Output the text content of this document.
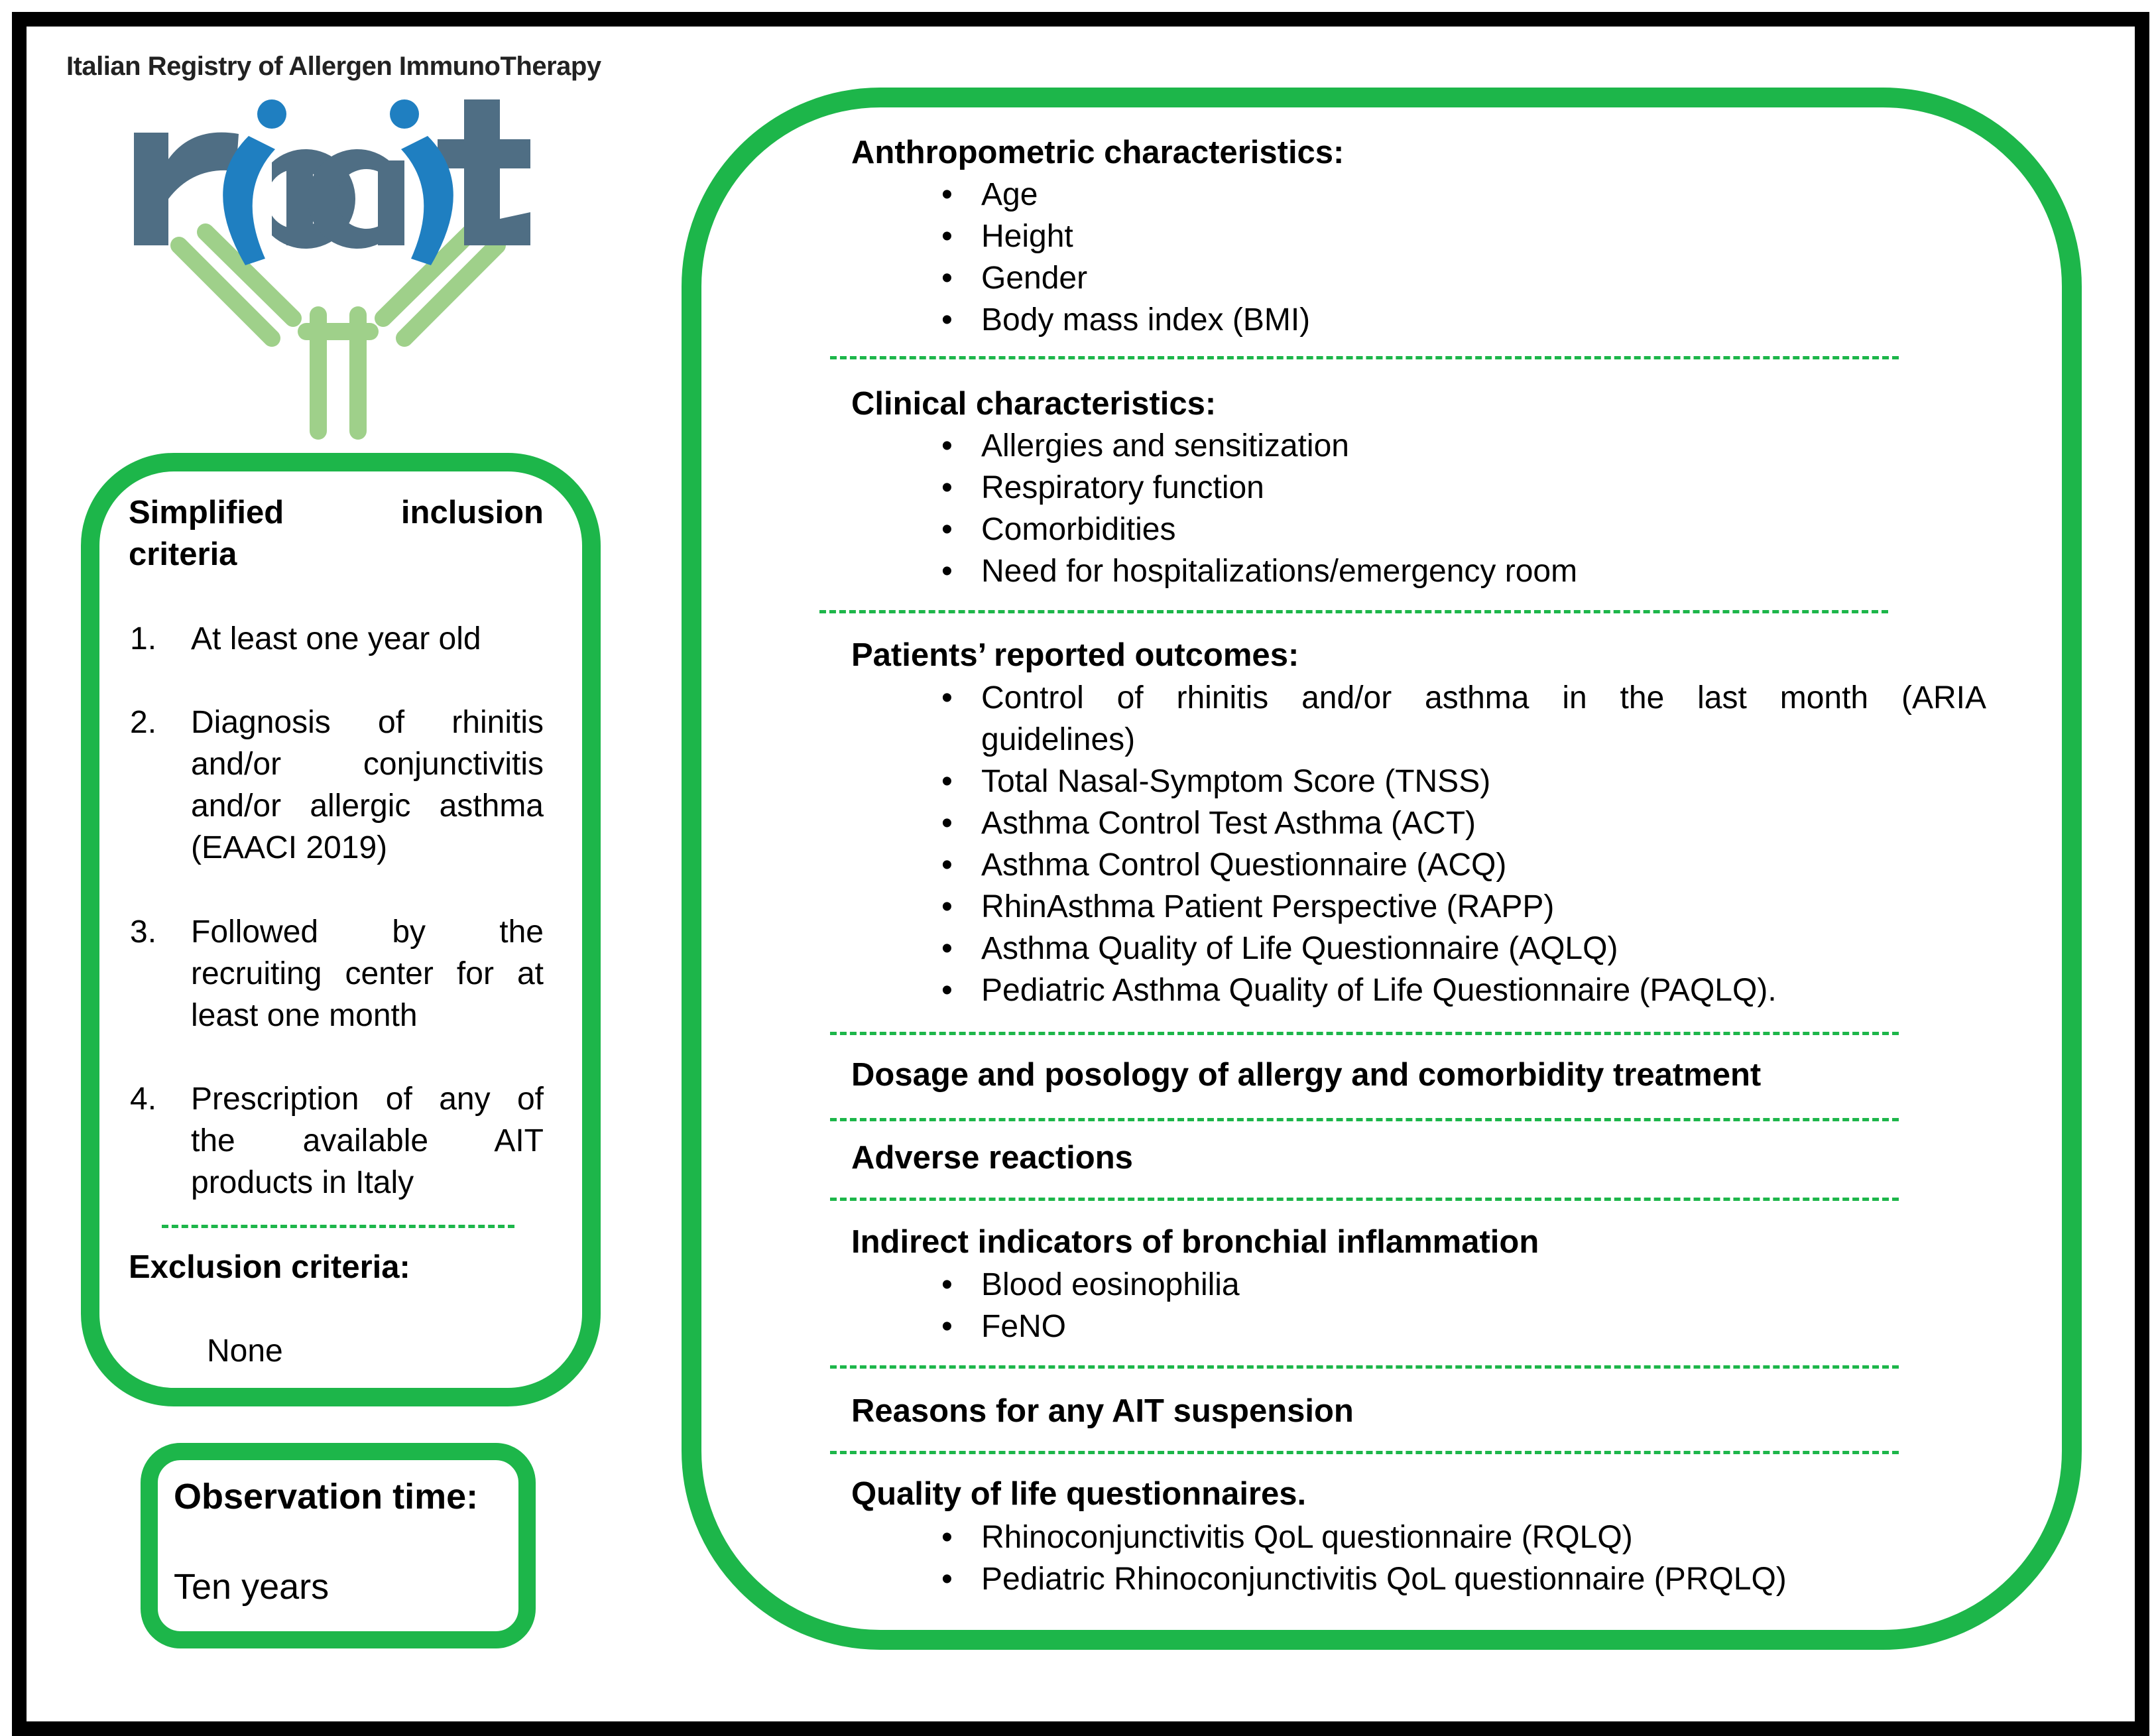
Italian Registry of Allergen ImmunoTherapy
Simplified	inclusion
criteria
1. At least one year old
2. Diagnosis of rhinitis
and/or conjunctivitis
and/or allergic asthma
(EAACI 2019)
3. Followed by the
recruiting center for at
least one month
4. Prescription of any of
the available AIT
products in Italy
Exclusion criteria:
None
Observation time:
Ten years
Anthropometric characteristics:
• Age
• Height
• Gender
• Body mass index (BMI)
Clinical characteristics:
• Allergies and sensitization
• Respiratory function
• Comorbidities
• Need for hospitalizations/emergency room
Patients’ reported outcomes:
• Control of rhinitis and/or asthma in the last month (ARIA
guidelines)
• Total Nasal-Symptom Score (TNSS)
• Asthma Control Test Asthma (ACT)
• Asthma Control Questionnaire (ACQ)
• RhinAsthma Patient Perspective (RAPP)
• Asthma Quality of Life Questionnaire (AQLQ)
• Pediatric Asthma Quality of Life Questionnaire (PAQLQ).
Dosage and posology of allergy and comorbidity treatment
Adverse reactions
Indirect indicators of bronchial inflammation
• Blood eosinophilia
• FeNO
Reasons for any AIT suspension
Quality of life questionnaires.
• Rhinoconjunctivitis QoL questionnaire (RQLQ)
• Pediatric Rhinoconjunctivitis QoL questionnaire (PRQLQ)
